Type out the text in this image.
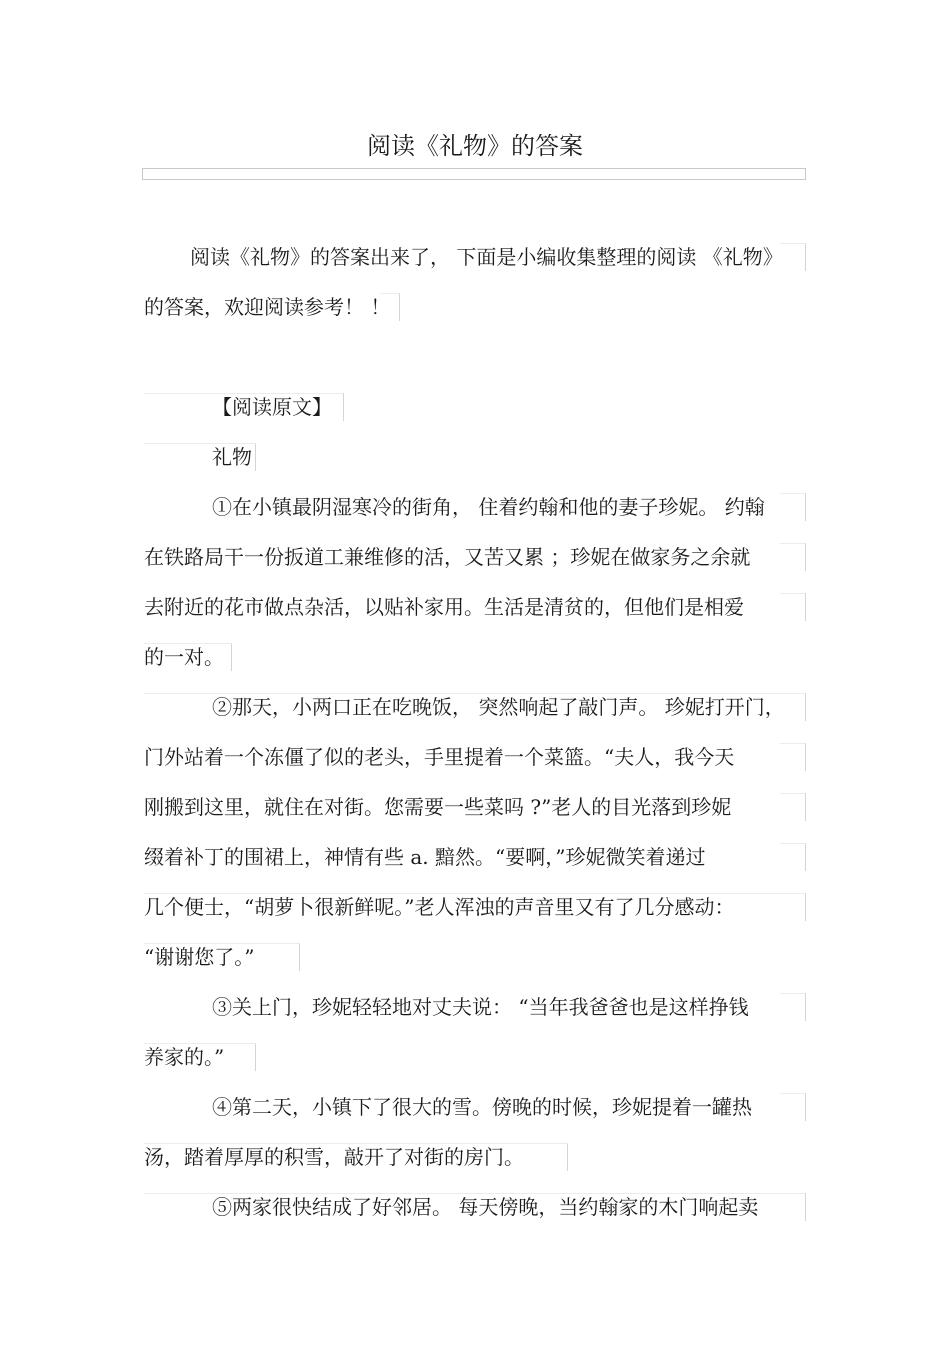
阅读《礼物》的答案
阅读《礼物》的答案出来了， 下面是小编收集整理的阅读 《礼物》
的答案，欢迎阅读参考！ ！
【阅读原文】
礼物
①在小镇最阴湿寒冷的街角， 住着约翰和他的妻子珍妮。 约翰
在铁路局干一份扳道工兼维修的活，又苦又累 ；珍妮在做家务之余就
去附近的花市做点杂活，以贴补家用。生活是清贫的，但他们是相爱
的一对。
②那天，小两口正在吃晚饭， 突然响起了敲门声。 珍妮打开门，
门外站着一个冻僵了似的老头，手里提着一个菜篮。“夫人，我今天
刚搬到这里，就住在对街。您需要一些菜吗 ?”老人的目光落到珍妮
缀着补丁的围裙上，神情有些 a. 黯然。“要啊，”珍妮微笑着递过
几个便士，“胡萝卜很新鲜呢。”老人浑浊的声音里又有了几分感动：
“谢谢您了。”
③关上门，珍妮轻轻地对丈夫说： “当年我爸爸也是这样挣钱
养家的。”
④第二天，小镇下了很大的雪。傍晚的时候，珍妮提着一罐热
汤，踏着厚厚的积雪，敲开了对街的房门。
⑤两家很快结成了好邻居。 每天傍晚，当约翰家的木门响起卖
